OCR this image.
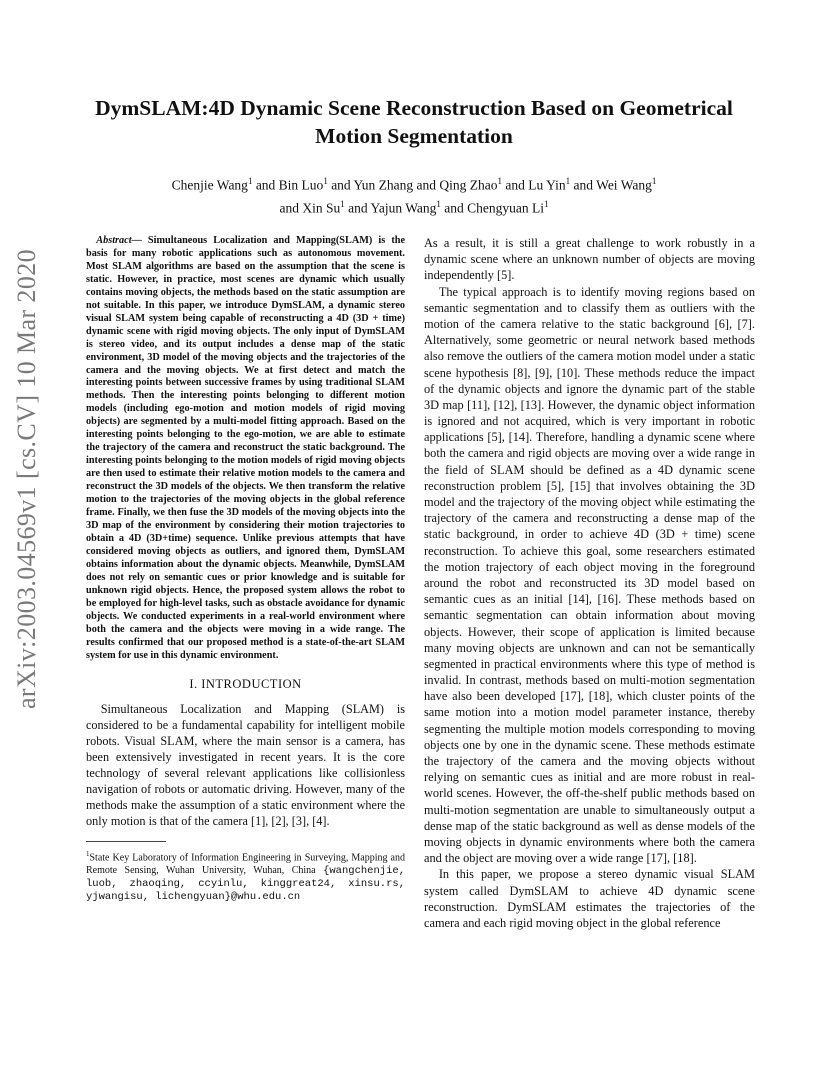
arXiv:2003.04569v1 [cs.CV] 10 Mar 2020
DymSLAM:4D Dynamic Scene Reconstruction Based on Geometrical
Motion Segmentation
Chenjie Wang$^1$ and Bin Luo$^1$ and Yun Zhang and Qing Zhao$^1$ and Lu Yin$^1$ and Wei Wang$^1$
and Xin Su$^1$ and Yajun Wang$^1$ and Chengyuan Li$^1$

Abstract— Simultaneous Localization and Mapping(SLAM) is the basis for many robotic applications such as autonomous movement. Most SLAM algorithms are based on the assumption that the scene is static. However, in practice, most scenes are dynamic which usually contains moving objects, the methods based on the static assumption are not suitable. In this paper, we introduce DymSLAM, a dynamic stereo visual SLAM system being capable of reconstructing a 4D (3D + time) dynamic scene with rigid moving objects. The only input of DymSLAM is stereo video, and its output includes a dense map of the static environment, 3D model of the moving objects and the trajectories of the camera and the moving objects. We at first detect and match the interesting points between successive frames by using traditional SLAM methods. Then the interesting points belonging to different motion models (including ego-motion and motion models of rigid moving objects) are segmented by a multi-model fitting approach. Based on the interesting points belonging to the ego-motion, we are able to estimate the trajectory of the camera and reconstruct the static background. The interesting points belonging to the motion models of rigid moving objects are then used to estimate their relative motion models to the camera and reconstruct the 3D models of the objects. We then transform the relative motion to the trajectories of the moving objects in the global reference frame. Finally, we then fuse the 3D models of the moving objects into the 3D map of the environment by considering their motion trajectories to obtain a 4D (3D+time) sequence. Unlike previous attempts that have considered moving objects as outliers, and ignored them, DymSLAM obtains information about the dynamic objects. Meanwhile, DymSLAM does not rely on semantic cues or prior knowledge and is suitable for unknown rigid objects. Hence, the proposed system allows the robot to be employed for high-level tasks, such as obstacle avoidance for dynamic objects. We conducted experiments in a real-world environment where both the camera and the objects were moving in a wide range. The results confirmed that our proposed method is a state-of-the-art SLAM system for use in this dynamic environment.

I. INTRODUCTION

Simultaneous Localization and Mapping (SLAM) is considered to be a fundamental capability for intelligent mobile robots. Visual SLAM, where the main sensor is a camera, has been extensively investigated in recent years. It is the core technology of several relevant applications like collisionless navigation of robots or automatic driving. However, many of the methods make the assumption of a static environment where the only motion is that of the camera [1], [2], [3], [4].

$^1$State Key Laboratory of Information Engineering in Surveying, Mapping and Remote Sensing, Wuhan University, Wuhan, China {wangchenjie, luob, zhaoqing, ccyinlu, kinggreat24, xinsu.rs, yjwangisu, lichengyuan}@whu.edu.cn

As a result, it is still a great challenge to work robustly in a dynamic scene where an unknown number of objects are moving independently [5].

The typical approach is to identify moving regions based on semantic segmentation and to classify them as outliers with the motion of the camera relative to the static background [6], [7]. Alternatively, some geometric or neural network based methods also remove the outliers of the camera motion model under a static scene hypothesis [8], [9], [10]. These methods reduce the impact of the dynamic objects and ignore the dynamic part of the stable 3D map [11], [12], [13]. However, the dynamic object information is ignored and not acquired, which is very important in robotic applications [5], [14]. Therefore, handling a dynamic scene where both the camera and rigid objects are moving over a wide range in the field of SLAM should be defined as a 4D dynamic scene reconstruction problem [5], [15] that involves obtaining the 3D model and the trajectory of the moving object while estimating the trajectory of the camera and reconstructing a dense map of the static background, in order to achieve 4D (3D + time) scene reconstruction. To achieve this goal, some researchers estimated the motion trajectory of each object moving in the foreground around the robot and reconstructed its 3D model based on semantic cues as an initial [14], [16]. These methods based on semantic segmentation can obtain information about moving objects. However, their scope of application is limited because many moving objects are unknown and can not be semantically segmented in practical environments where this type of method is invalid. In contrast, methods based on multi-motion segmentation have also been developed [17], [18], which cluster points of the same motion into a motion model parameter instance, thereby segmenting the multiple motion models corresponding to moving objects one by one in the dynamic scene. These methods estimate the trajectory of the camera and the moving objects without relying on semantic cues as initial and are more robust in real-world scenes. However, the off-the-shelf public methods based on multi-motion segmentation are unable to simultaneously output a dense map of the static background as well as dense models of the moving objects in dynamic environments where both the camera and the object are moving over a wide range [17], [18].

In this paper, we propose a stereo dynamic visual SLAM system called DymSLAM to achieve 4D dynamic scene reconstruction. DymSLAM estimates the trajectories of the camera and each rigid moving object in the global reference
